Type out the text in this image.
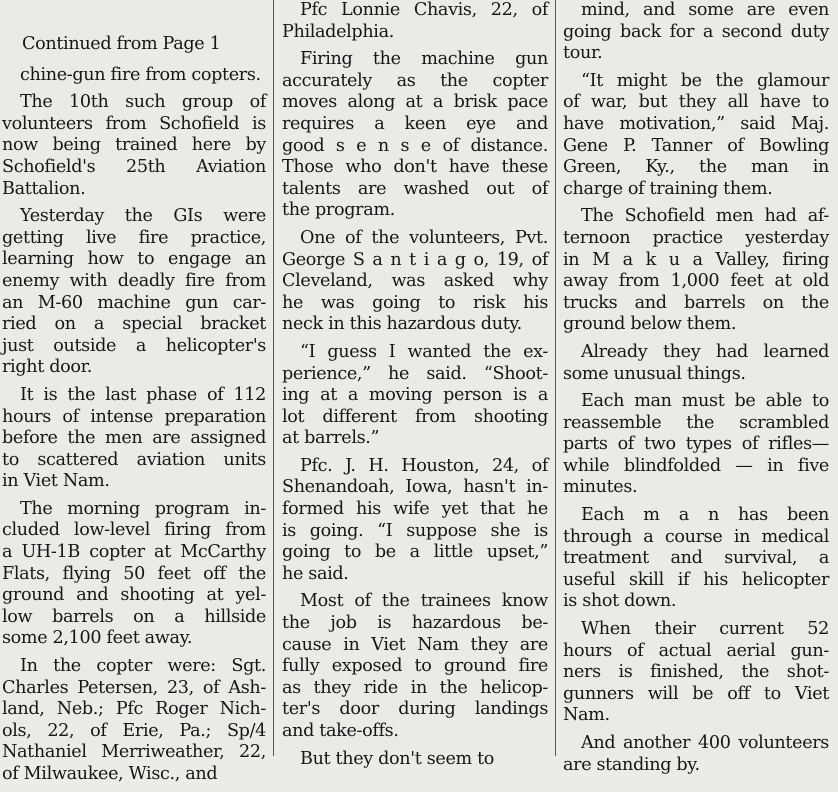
Continued from Page 1
chine-gun fire from copters.
The 10th such group of
volunteers from Schofield is
now being trained here by
Schofield's 25th Aviation
Battalion.
Yesterday the GIs were
getting live fire practice,
learning how to engage an
enemy with deadly fire from
an M-60 machine gun car-
ried on a special bracket
just outside a helicopter's
right door.
It is the last phase of 112
hours of intense preparation
before the men are assigned
to scattered aviation units
in Viet Nam.
The morning program in-
cluded low-level firing from
a UH-1B copter at McCarthy
Flats, flying 50 feet off the
ground and shooting at yel-
low barrels on a hillside
some 2,100 feet away.
In the copter were: Sgt.
Charles Petersen, 23, of Ash-
land, Neb.; Pfc Roger Nich-
ols, 22, of Erie, Pa.; Sp/4
Nathaniel Merriweather, 22,
of Milwaukee, Wisc., and
Pfc Lonnie Chavis, 22, of
Philadelphia.
Firing the machine gun
accurately as the copter
moves along at a brisk pace
requires a keen eye and
good s e n s e of distance.
Those who don't have these
talents are washed out of
the program.
One of the volunteers, Pvt.
George S a n t i a g o, 19, of
Cleveland, was asked why
he was going to risk his
neck in this hazardous duty.
“I guess I wanted the ex-
perience,” he said. “Shoot-
ing at a moving person is a
lot different from shooting
at barrels.”
Pfc. J. H. Houston, 24, of
Shenandoah, Iowa, hasn't in-
formed his wife yet that he
is going. “I suppose she is
going to be a little upset,”
he said.
Most of the trainees know
the job is hazardous be-
cause in Viet Nam they are
fully exposed to ground fire
as they ride in the helicop-
ter's door during landings
and take-offs.
But they don't seem to
mind, and some are even
going back for a second duty
tour.
“It might be the glamour
of war, but they all have to
have motivation,” said Maj.
Gene P. Tanner of Bowling
Green, Ky., the man in
charge of training them.
The Schofield men had af-
ternoon practice yesterday
in M a k u a Valley, firing
away from 1,000 feet at old
trucks and barrels on the
ground below them.
Already they had learned
some unusual things.
Each man must be able to
reassemble the scrambled
parts of two types of rifles—
while blindfolded — in five
minutes.
Each m a n has been
through a course in medical
treatment and survival, a
useful skill if his helicopter
is shot down.
When their current 52
hours of actual aerial gun-
ners is finished, the shot-
gunners will be off to Viet
Nam.
And another 400 volunteers
are standing by.
